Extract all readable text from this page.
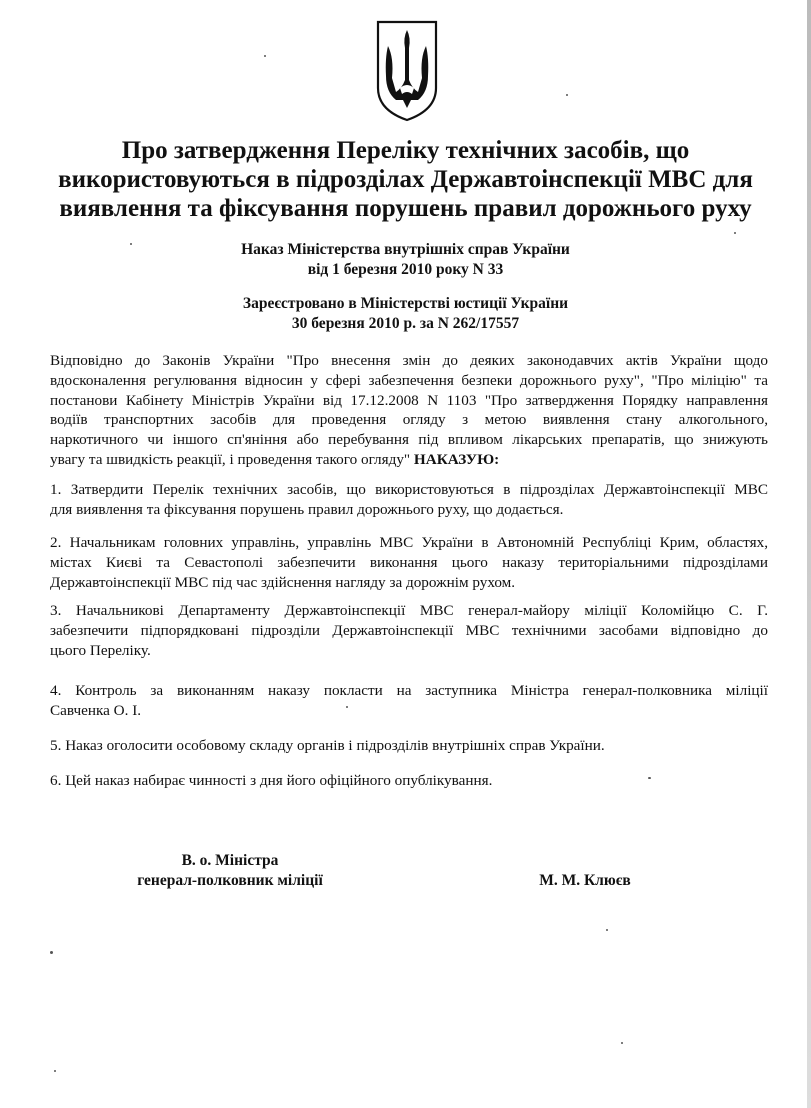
Про затвердження Переліку технічних засобів, що
використовуються в підрозділах Державтоінспекції МВС для
виявлення та фіксування порушень правил дорожнього руху
Наказ Міністерства внутрішніх справ України
від 1 березня 2010 року N 33
Зареєстровано в Міністерстві юстиції України
30 березня 2010 р. за N 262/17557
Відповідно до Законів України "Про внесення змін до деяких законодавчих актів України щодо
вдосконалення регулювання відносин у сфері забезпечення безпеки дорожнього руху", "Про міліцію" та
постанови Кабінету Міністрів України від 17.12.2008 N 1103 "Про затвердження Порядку направлення
водіїв транспортних засобів для проведення огляду з метою виявлення стану алкогольного,
наркотичного чи іншого сп'яніння або перебування під впливом лікарських препаратів, що знижують
увагу та швидкість реакції, і проведення такого огляду" НАКАЗУЮ:
1. Затвердити Перелік технічних засобів, що використовуються в підрозділах Державтоінспекції МВС
для виявлення та фіксування порушень правил дорожнього руху, що додається.
2. Начальникам головних управлінь, управлінь МВС України в Автономній Республіці Крим, областях,
містах Києві та Севастополі забезпечити виконання цього наказу територіальними підрозділами
Державтоінспекції МВС під час здійснення нагляду за дорожнім рухом.
3. Начальникові Департаменту Державтоінспекції МВС генерал-майору міліції Коломійцю С. Г.
забезпечити підпорядковані підрозділи Державтоінспекції МВС технічними засобами відповідно до
цього Переліку.
4. Контроль за виконанням наказу покласти на заступника Міністра генерал-полковника міліції
Савченка О. І.
5. Наказ оголосити особовому складу органів і підрозділів внутрішніх справ України.
6. Цей наказ набирає чинності з дня його офіційного опублікування.
В. о. Міністра
генерал-полковник міліції	М. М. Клюєв
